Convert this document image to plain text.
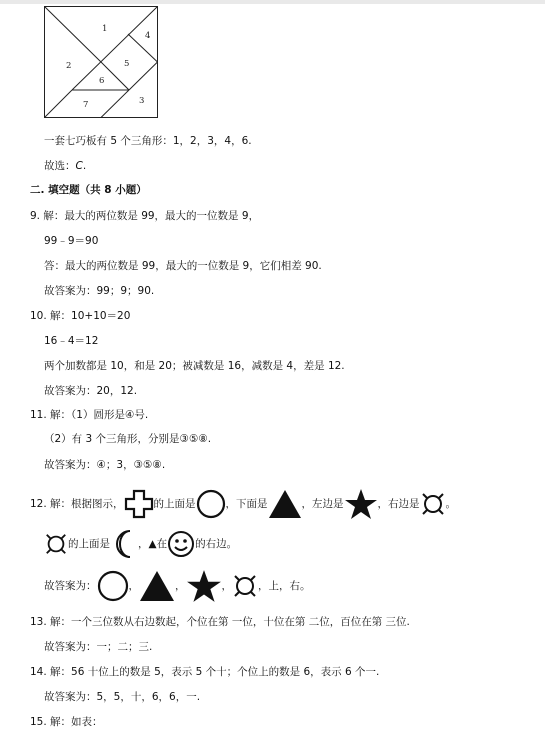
1
2
3
4
5
6
7
一套七巧板有 5 个三角形：1，2，3，4，6.
故选：C.
二. 填空题（共 8 小题）
9. 解：最大的两位数是 99，最大的一位数是 9，
99﹣9＝90
答：最大的两位数是 99，最大的一位数是 9，它们相差 90.
故答案为：99；9；90.
10. 解：10+10＝20
16﹣4＝12
两个加数都是 10，和是 20；被减数是 16，减数是 4，差是 12.
故答案为：20，12.
11. 解：（1）圆形是④号.
（2）有 3 个三角形，分别是③⑤⑧.
故答案为：④；3，③⑤⑧.
12. 解：根据图示，	的上面是	，下面是	，左边是	，右边是 。
的上面是	，▲在	的右边。
故答案为：	，	，	， ，上，右。
13. 解：一个三位数从右边数起，个位在第 一位，十位在第 二位，百位在第 三位.
故答案为：一；二；三.
14. 解：56 十位上的数是 5，表示 5 个十；个位上的数是 6，表示 6 个一.
故答案为：5，5，十，6，6，一.
15. 解：如表：
